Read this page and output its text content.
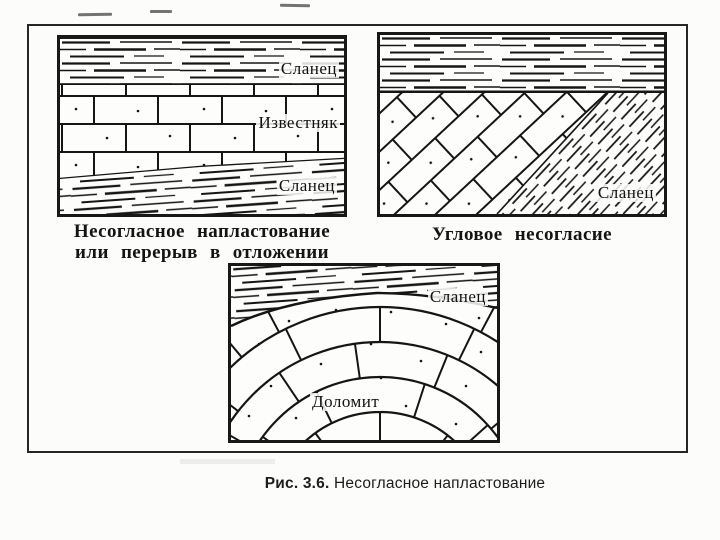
Сланец
Известняк
Сланец	Сланец
Сланец
Доломит
Несогласное напластование
или перерыв в отложении
Угловое несогласие
Рис. 3.6. Несогласное напластование
